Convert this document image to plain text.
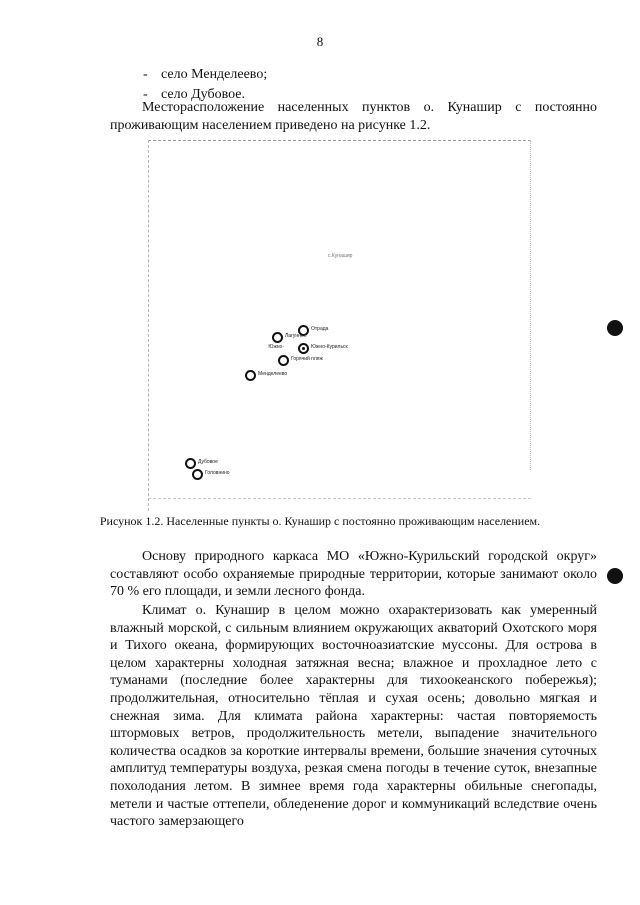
8
- село Менделеево;
- село Дубовое.

Месторасположение населенных пунктов о. Кунашир с постоянно проживающим населением приведено на рисунке 1.2.

с.Кунашир
Отрада
Лагунное
Южно-	Южно-Курильск
Горячий пляж
Менделеево
Дубовое
Головнино
Рисунок 1.2. Населенные пункты о. Кунашир с постоянно проживающим населением.

Основу природного каркаса МО «Южно-Курильский городской округ» составляют особо охраняемые природные территории, которые занимают около 70 % его площади, и земли лесного фонда.

Климат о. Кунашир в целом можно охарактеризовать как умеренный влажный морской, с сильным влиянием окружающих акваторий Охотского моря и Тихого океана, формирующих восточноазиатские муссоны. Для острова в целом характерны холодная затяжная весна; влажное и прохладное лето с туманами (последние более характерны для тихоокеанского побережья); продолжительная, относительно тёплая и сухая осень; довольно мягкая и снежная зима. Для климата района характерны: частая повторяемость штормовых ветров, продолжительность метели, выпадение значительного количества осадков за короткие интервалы времени, большие значения суточных амплитуд температуры воздуха, резкая смена погоды в течение суток, внезапные похолодания летом. В зимнее время года характерны обильные снегопады, метели и частые оттепели, обледенение дорог и коммуникаций вследствие очень частого замерзающего
